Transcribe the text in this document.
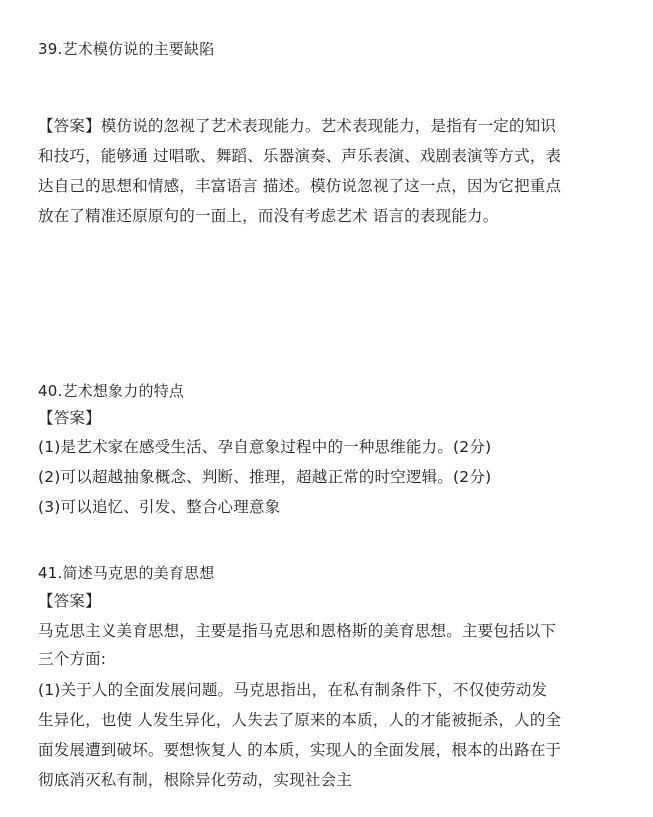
39.艺术模仿说的主要缺陷

【答案】模仿说的忽视了艺术表现能力。艺术表现能力，是指有一定的知识

和技巧，能够通 过唱歌、舞蹈、乐器演奏、声乐表演、戏剧表演等方式，表

达自己的思想和情感，丰富语言 描述。模仿说忽视了这一点，因为它把重点

放在了精准还原原句的一面上，而没有考虑艺术 语言的表现能力。

40.艺术想象力的特点
【答案】
(1)是艺术家在感受生活、孕自意象过程中的一种思维能力。(2分)
(2)可以超越抽象概念、判断、推理，超越正常的时空逻辑。(2分)
(3)可以追忆、引发、整合心理意象
41.简述马克思的美育思想
【答案】

马克思主义美育思想，主要是指马克思和恩格斯的美育思想。主要包括以下

三个方面:

(1)关于人的全面发展问题。马克思指出，在私有制条件下，不仅使劳动发

生异化，也使 人发生异化，人失去了原来的本质，人的才能被扼杀，人的全

面发展遭到破坏。要想恢复人 的本质，实现人的全面发展，根本的出路在于

彻底消灭私有制，根除异化劳动，实现社会主
